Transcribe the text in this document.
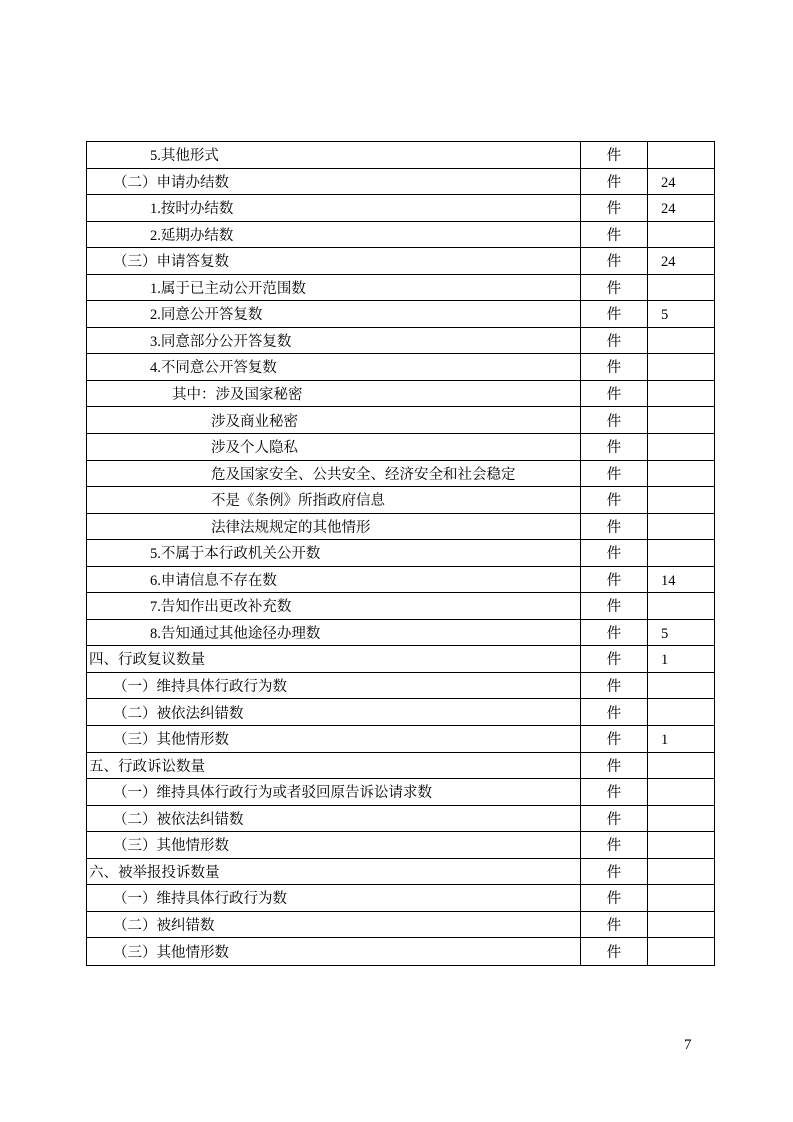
5.其他形式	件
（二）申请办结数	件	24
1.按时办结数	件	24
2.延期办结数	件
（三）申请答复数	件	24
1.属于已主动公开范围数	件
2.同意公开答复数	件	5
3.同意部分公开答复数	件
4.不同意公开答复数	件
其中：涉及国家秘密	件
涉及商业秘密	件
涉及个人隐私	件
危及国家安全、公共安全、经济安全和社会稳定	件
不是《条例》所指政府信息	件
法律法规规定的其他情形	件
5.不属于本行政机关公开数	件
6.申请信息不存在数	件	14
7.告知作出更改补充数	件
8.告知通过其他途径办理数	件	5
四、行政复议数量	件	1
（一）维持具体行政行为数	件
（二）被依法纠错数	件
（三）其他情形数	件	1
五、行政诉讼数量	件
（一）维持具体行政行为或者驳回原告诉讼请求数	件
（二）被依法纠错数	件
（三）其他情形数	件
六、被举报投诉数量	件
（一）维持具体行政行为数	件
（二）被纠错数	件
（三）其他情形数	件
7
